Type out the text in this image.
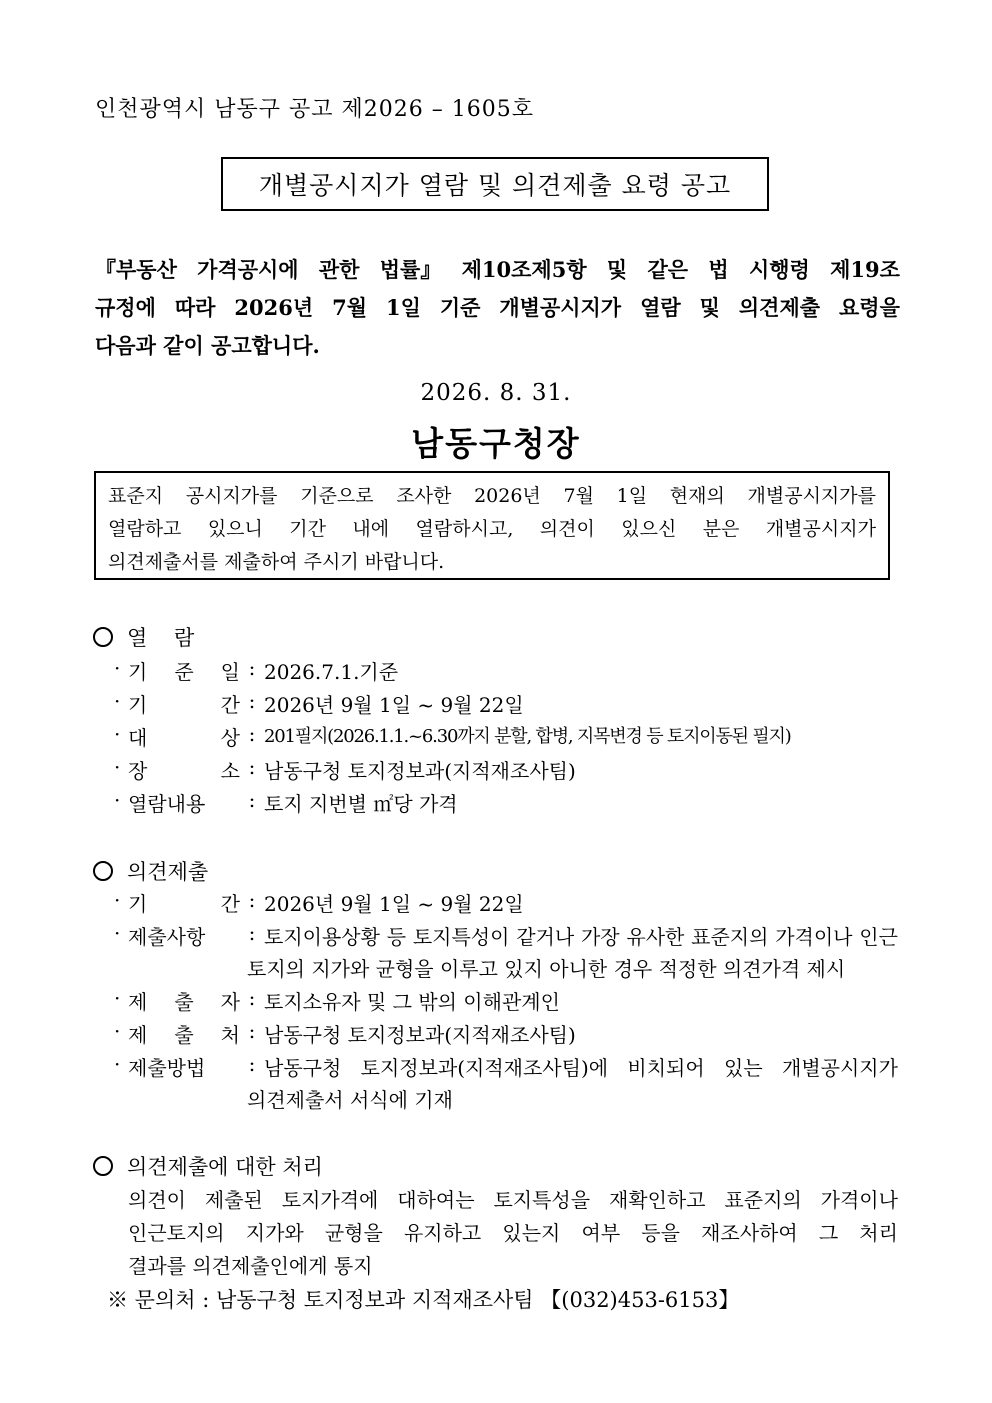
인천광역시 남동구 공고 제2026 – 1605호
개별공시지가 열람 및 의견제출 요령 공고
『부동산 가격공시에 관한 법률』 제10조제5항 및 같은 법 시행령 제19조
규정에 따라 2026년 7월 1일 기준 개별공시지가 열람 및 의견제출 요령을
다음과 같이 공고합니다.
2026. 8. 31.
남동구청장
표준지 공시지가를 기준으로 조사한 2026년 7월 1일 현재의 개별공시지가를
열람하고 있으니 기간 내에 열람하시고, 의견이 있으신 분은 개별공시지가
의견제출서를 제출하여 주시기 바랍니다.
열    람
· 기 준 일 : 2026.7.1.기준
· 기	간 : 2026년 9월 1일 ~ 9월 22일
· 대	상 : 201필지(2026.1.1.~6.30까지 분할, 합병, 지목변경 등 토지이동된 필지)
· 장	소 : 남동구청 토지정보과(지적재조사팀)
· 열람내용	: 토지 지번별 ㎡당 가격
의견제출
· 기	간 : 2026년 9월 1일 ~ 9월 22일
· 제출사항	: 토지이용상황 등 토지특성이 같거나 가장 유사한 표준지의 가격이나 인근
토지의 지가와 균형을 이루고 있지 아니한 경우 적정한 의견가격 제시
· 제 출 자 : 토지소유자 및 그 밖의 이해관계인
· 제 출 처 : 남동구청 토지정보과(지적재조사팀)
· 제출방법	: 남동구청 토지정보과(지적재조사팀)에 비치되어 있는 개별공시지가
의견제출서 서식에 기재
의견제출에 대한 처리
의견이 제출된 토지가격에 대하여는 토지특성을 재확인하고 표준지의 가격이나
인근토지의 지가와 균형을 유지하고 있는지 여부 등을 재조사하여 그 처리
결과를 의견제출인에게 통지
※ 문의처 : 남동구청 토지정보과 지적재조사팀 【(032)453-6153】
